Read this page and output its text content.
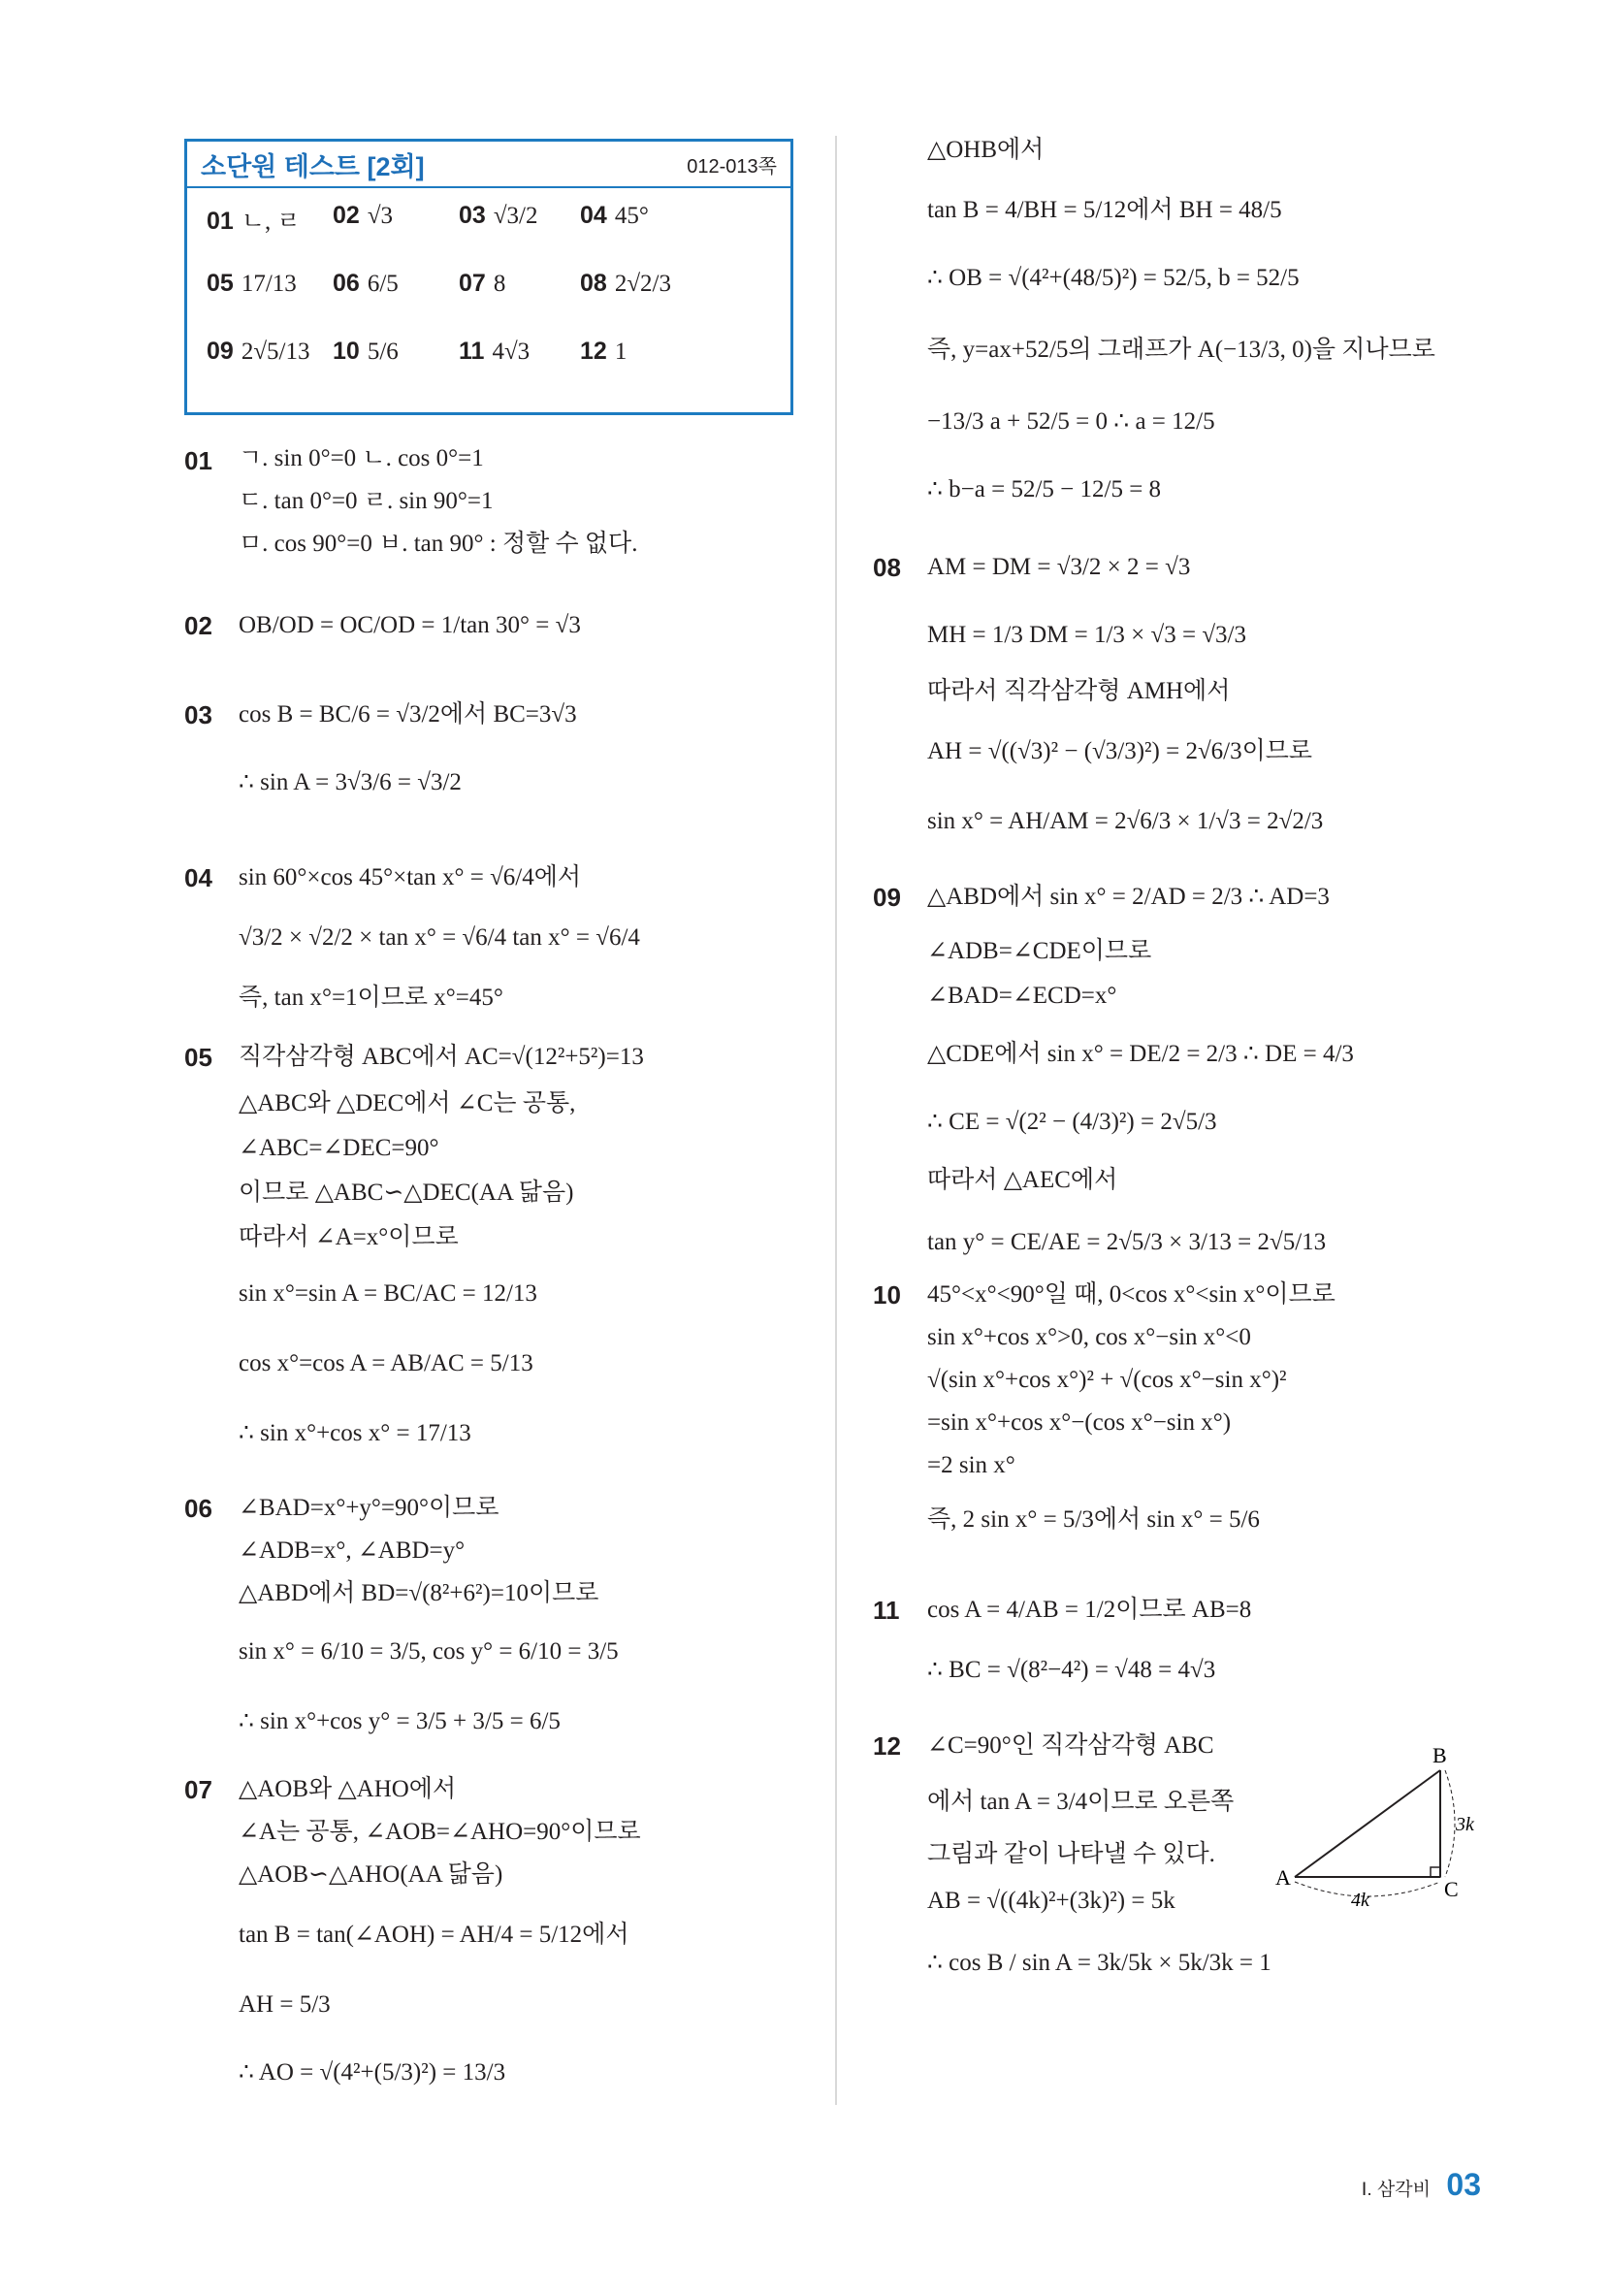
소단원 테스트 [2회]	012-013쪽
01 ㄴ, ㄹ 02 √3	03 √3/2 04 45°
05 17/13 06 6/5 07 8	08 2√2/3
09 2√5/13 10 5/6 11 4√3 12 1
01 ㄱ. sin 0°=0 ㄴ. cos 0°=1
ㄷ. tan 0°=0 ㄹ. sin 90°=1
ㅁ. cos 90°=0 ㅂ. tan 90° : 정할 수 없다.
02 OB/OD = OC/OD = 1/tan 30° = √3
03 cos B = BC/6 = √3/2에서 BC=3√3
∴ sin A = 3√3/6 = √3/2
04 sin 60°×cos 45°×tan x° = √6/4에서
√3/2 × √2/2 × tan x° = √6/4 tan x° = √6/4
즉, tan x°=1이므로 x°=45°
05 직각삼각형 ABC에서 AC=√(12²+5²)=13
△ABC와 △DEC에서 ∠C는 공통,
∠ABC=∠DEC=90°
이므로 △ABC∽△DEC(AA 닮음)
따라서 ∠A=x°이므로
sin x°=sin A = BC/AC = 12/13
cos x°=cos A = AB/AC = 5/13
∴ sin x°+cos x° = 17/13
06 ∠BAD=x°+y°=90°이므로
∠ADB=x°, ∠ABD=y°
△ABD에서 BD=√(8²+6²)=10이므로
sin x° = 6/10 = 3/5, cos y° = 6/10 = 3/5
∴ sin x°+cos y° = 3/5 + 3/5 = 6/5
07 △AOB와 △AHO에서
∠A는 공통, ∠AOB=∠AHO=90°이므로
△AOB∽△AHO(AA 닮음)
tan B = tan(∠AOH) = AH/4 = 5/12에서
AH = 5/3
∴ AO = √(4²+(5/3)²) = 13/3
△OHB에서
tan B = 4/BH = 5/12에서 BH = 48/5
∴ OB = √(4²+(48/5)²) = 52/5, b = 52/5
즉, y=ax+52/5의 그래프가 A(−13/3, 0)을 지나므로
−13/3 a + 52/5 = 0 ∴ a = 12/5
∴ b−a = 52/5 − 12/5 = 8
08 AM = DM = √3/2 × 2 = √3
MH = 1/3 DM = 1/3 × √3 = √3/3
따라서 직각삼각형 AMH에서
AH = √((√3)² − (√3/3)²) = 2√6/3이므로
sin x° = AH/AM = 2√6/3 × 1/√3 = 2√2/3
09 △ABD에서 sin x° = 2/AD = 2/3 ∴ AD=3
∠ADB=∠CDE이므로
∠BAD=∠ECD=x°
△CDE에서 sin x° = DE/2 = 2/3 ∴ DE = 4/3
∴ CE = √(2² − (4/3)²) = 2√5/3
따라서 △AEC에서
tan y° = CE/AE = 2√5/3 × 3/13 = 2√5/13
10 45°<x°<90°일 때, 0<cos x°<sin x°이므로
sin x°+cos x°>0, cos x°−sin x°<0
√(sin x°+cos x°)² + √(cos x°−sin x°)²
=sin x°+cos x°−(cos x°−sin x°)
=2 sin x°
즉, 2 sin x° = 5/3에서 sin x° = 5/6
11 cos A = 4/AB = 1/2이므로 AB=8
∴ BC = √(8²−4²) = √48 = 4√3
12 ∠C=90°인 직각삼각형 ABC
에서 tan A = 3/4이므로 오른쪽
그림과 같이 나타낼 수 있다.
AB = √((4k)²+(3k)²) = 5k
∴ cos B / sin A = 3k/5k × 5k/3k = 1
A
B
C
3k
4k
Ⅰ. 삼각비 03
